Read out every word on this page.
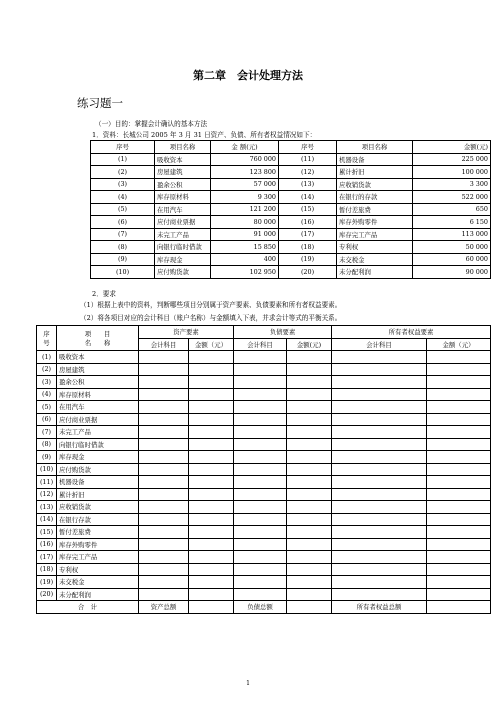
第二章　会计处理方法
练习题一
（一）目的：掌握会计确认的基本方法
1．资料：长城公司 2005 年 3 月 31 日资产、负债、所有者权益情况如下：
序号	项目名称	金 额(元)	序号	项目名称	金额(元)
(1)	吸收资本	760 000	(11)	机器设备	225 000
(2)	房屋建筑	123 800	(12)	累计折旧	100 000
(3)	盈余公积	57 000	(13)	应收销货款	3 300
(4)	库存原材料	9 300	(14)	在银行的存款	522 000
(5)	在用汽车	121 200	(15)	暂付差旅费	650
(6)	应付商业票据	80 000	(16)	库存外购零件	6 150
(7)	未完工产品	91 000	(17)	库存完工产品	113 000
(8)	向银行临时借款	15 850	(18)	专利权	50 000
(9)	库存现金	400	(19)	未交税金	60 000
(10)	应付购货款	102 950	(20)	未分配利润	90 000
2．要求
（1）根据上表中的资料，判断哪些项目分别属于资产要素、负债要素和所有者权益要素。
（2）将各项目对应的会计科目（账户名称）与金额填入下表，并求会计等式的平衡关系。
序
号	项　　目
名　　称	资产要素		负债要素		所有者权益要素	
		会计科目	金额（元）	会计科目	金额(元)	会计科目	金额（元）
(1)	吸收资本						
(2)	房屋建筑						
(3)	盈余公积						
(4)	库存原材料						
(5)	在用汽车						
(6)	应付商业票据						
(7)	未完工产品						
(8)	向银行临时借款						
(9)	库存现金						
(10)	应付购货款						
(11)	机器设备						
(12)	累计折旧						
(13)	应收销货款						
(14)	在银行存款						
(15)	暂付差旅费						
(16)	库存外购零件						
(17)	库存完工产品						
(18)	专利权						
(19)	未交税金						
(20)	未分配利润						
合　计		资产总额		负债总额		所有者权益总额	
1
